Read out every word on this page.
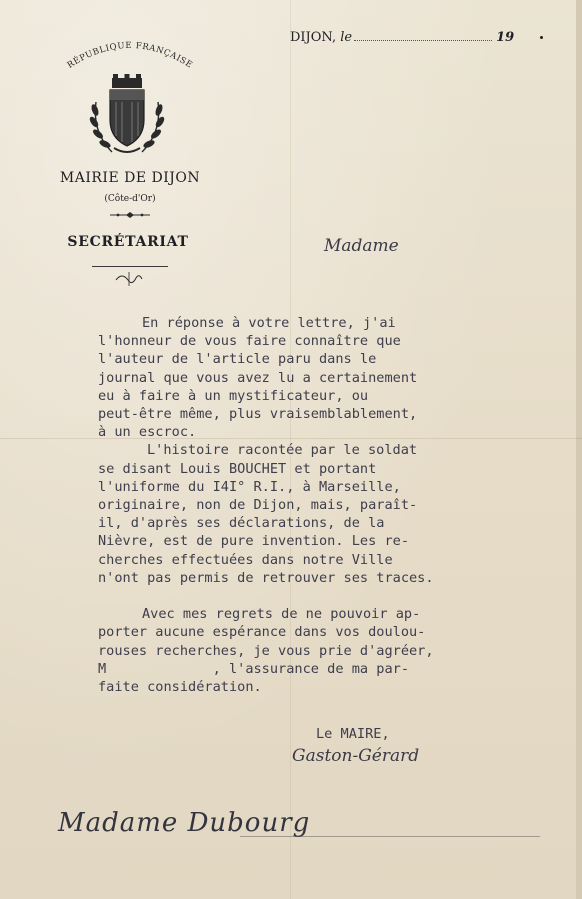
RÉPUBLIQUE FRANÇAISE
MAIRIE DE DIJON
(Côte-d'Or)
SECRÉTARIAT
DIJON, le	19
Madame
En réponse à votre lettre, j'ai
l'honneur de vous faire connaître que
l'auteur de l'article paru dans le
journal que vous avez lu a certainement
eu à faire à un mystificateur, ou
peut-être même, plus vraisemblablement,
à un escroc.
L'histoire racontée par le soldat
se disant Louis BOUCHET et portant
l'uniforme du I4I° R.I., à Marseille,
originaire, non de Dijon, mais, paraît-
il, d'après ses déclarations, de la
Nièvre, est de pure invention. Les re-
cherches effectuées dans notre Ville
n'ont pas permis de retrouver ses traces.

Avec mes regrets de ne pouvoir ap-
porter aucune espérance dans vos doulou-
rouses recherches, je vous prie d'agréer,
M             , l'assurance de ma par-
faite considération.
Le MAIRE,
Gaston-Gérard
Madame Dubourg
